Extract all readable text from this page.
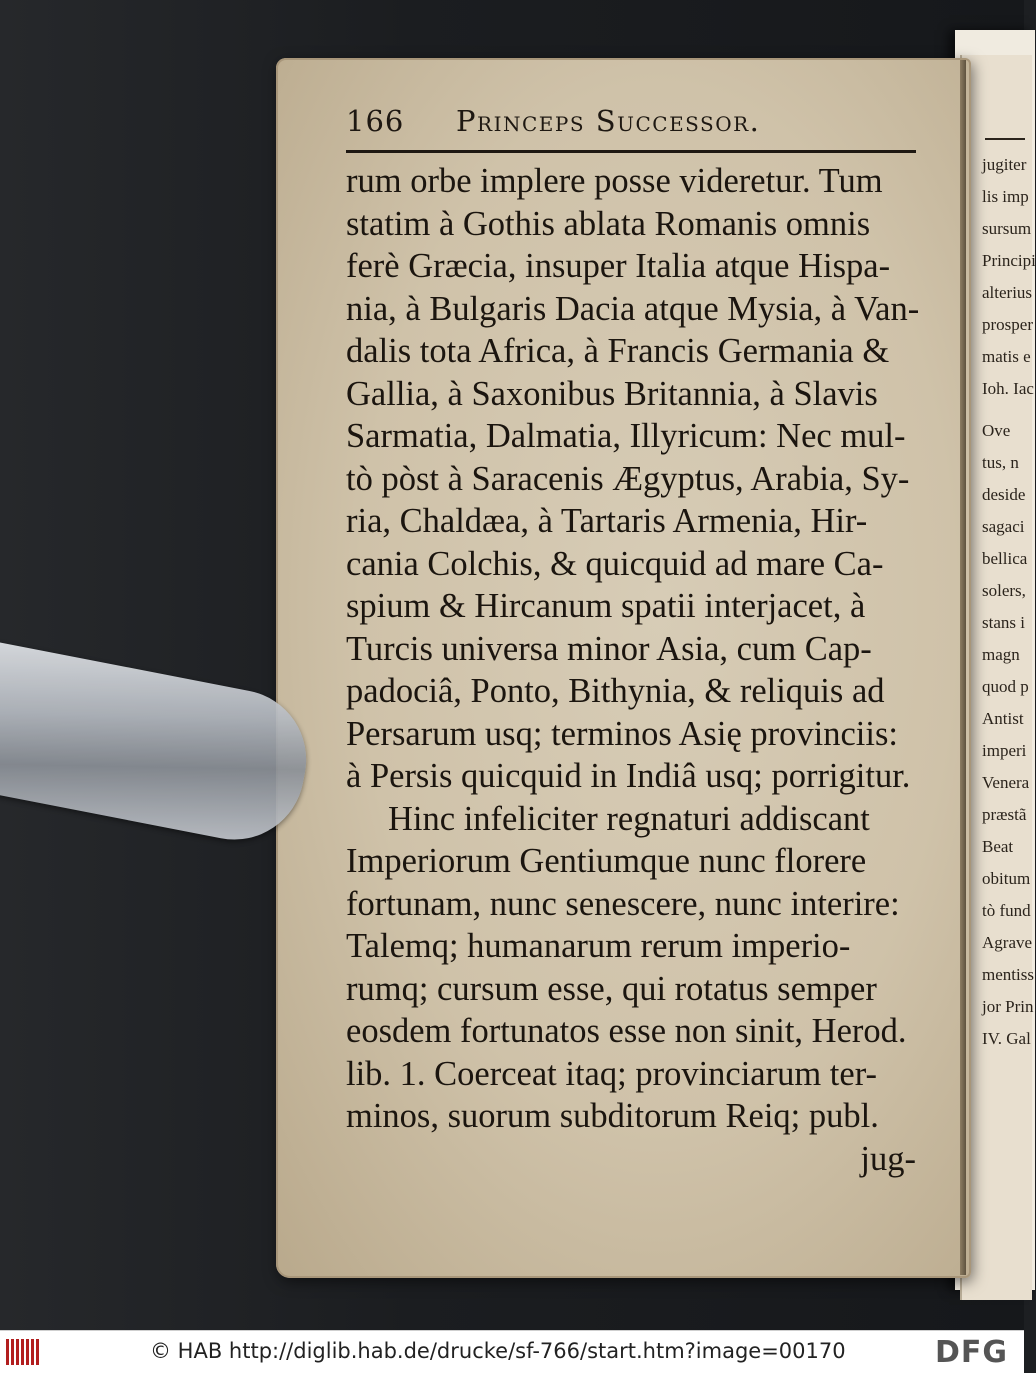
jugiter
lis imp
sursum
Principi
alterius
prosper
matis e
Ioh. Iac
Ove
tus, n
deside
sagaci
bellica
solers,
stans i
magn
quod p
Antist
imperi
Venera
præstã
Beat
obitum
tò fund
Agrave
mentiss
jor Prin
IV. Gal
166 Princeps Successor.
rum orbe implere posse videretur. Tum
statim à Gothis ablata Romanis omnis
ferè Græcia, insuper Italia atque Hispa-
nia, à Bulgaris Dacia atque Mysia, à Van-
dalis tota Africa, à Francis Germania &
Gallia, à Saxonibus Britannia, à Slavis
Sarmatia, Dalmatia, Illyricum: Nec mul-
tò pòst à Saracenis Ægyptus, Arabia, Sy-
ria, Chaldæa, à Tartaris Armenia, Hir-
cania Colchis, & quicquid ad mare Ca-
spium & Hircanum spatii interjacet, à
Turcis universa minor Asia, cum Cap-
padociâ, Ponto, Bithynia, & reliquis ad
Persarum usq; terminos Asię provinciis:
à Persis quicquid in Indiâ usq; porrigitur.
Hinc infeliciter regnaturi addiscant
Imperiorum Gentiumque nunc florere
fortunam, nunc senescere, nunc interire:
Talemq; humanarum rerum imperio-
rumq; cursum esse, qui rotatus semper
eosdem fortunatos esse non sinit, Herod.
lib. 1. Coerceat itaq; provinciarum ter-
minos, suorum subditorum Reiq; publ.
jug-
© HAB http://diglib.hab.de/drucke/sf-766/start.htm?image=00170	DFG
